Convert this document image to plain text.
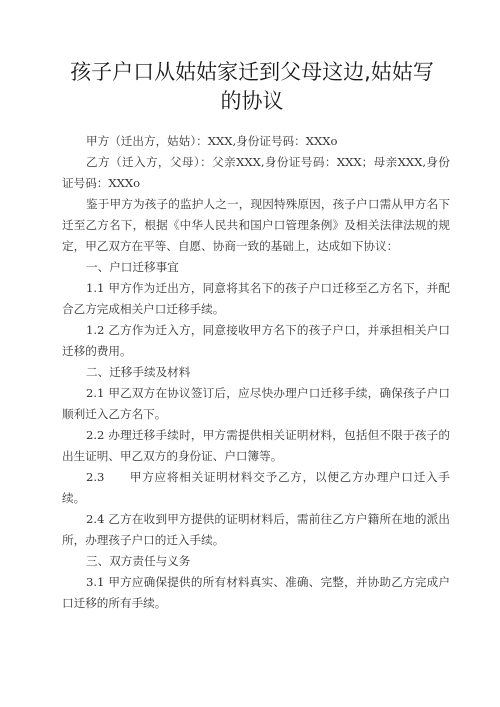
孩子户口从姑姑家迁到父母这边,姑姑写的协议

甲方（迁出方，姑姑）：XXX,身份证号码：XXXo

乙方（迁入方，父母）：父亲XXX,身份证号码：XXX；母亲XXX,身份证号码：XXXo

鉴于甲方为孩子的监护人之一，现因特殊原因，孩子户口需从甲方名下迁至乙方名下，根据《中华人民共和国户口管理条例》及相关法律法规的规定，甲乙双方在平等、自愿、协商一致的基础上，达成如下协议：

一、户口迁移事宜

1.1 甲方作为迁出方，同意将其名下的孩子户口迁移至乙方名下，并配合乙方完成相关户口迁移手续。

1.2 乙方作为迁入方，同意接收甲方名下的孩子户口，并承担相关户口迁移的费用。

二、迁移手续及材料

2.1 甲乙双方在协议签订后，应尽快办理户口迁移手续，确保孩子户口顺利迁入乙方名下。

2.2 办理迁移手续时，甲方需提供相关证明材料，包括但不限于孩子的出生证明、甲乙双方的身份证、户口簿等。

2.3　　甲方应将相关证明材料交予乙方，以便乙方办理户口迁入手续。

2.4 乙方在收到甲方提供的证明材料后，需前往乙方户籍所在地的派出所，办理孩子户口的迁入手续。

三、双方责任与义务

3.1 甲方应确保提供的所有材料真实、准确、完整，并协助乙方完成户口迁移的所有手续。
